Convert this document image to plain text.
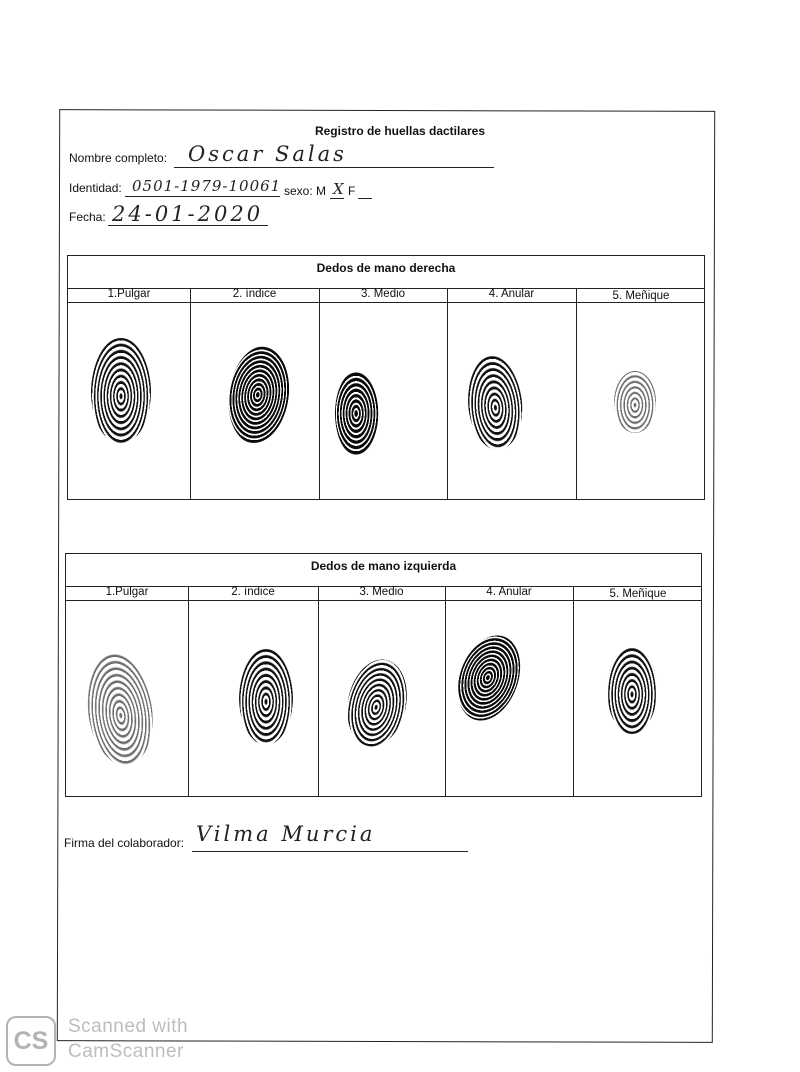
Registro de huellas dactilares
Nombre completo: Oscar Salas
Identidad: 0501-1979-10061 sexo: M X F
Fecha: 24-01-2020
Dedos de mano derecha
1.Pulgar	2. índice	3. Medio	4. Anular	5. Meñique
Dedos de mano izquierda
1.Pulgar	2. índice	3. Medio	4. Anular	5. Meñique
Firma del colaborador: Vilma Murcia
CS
Scanned with
CamScanner
